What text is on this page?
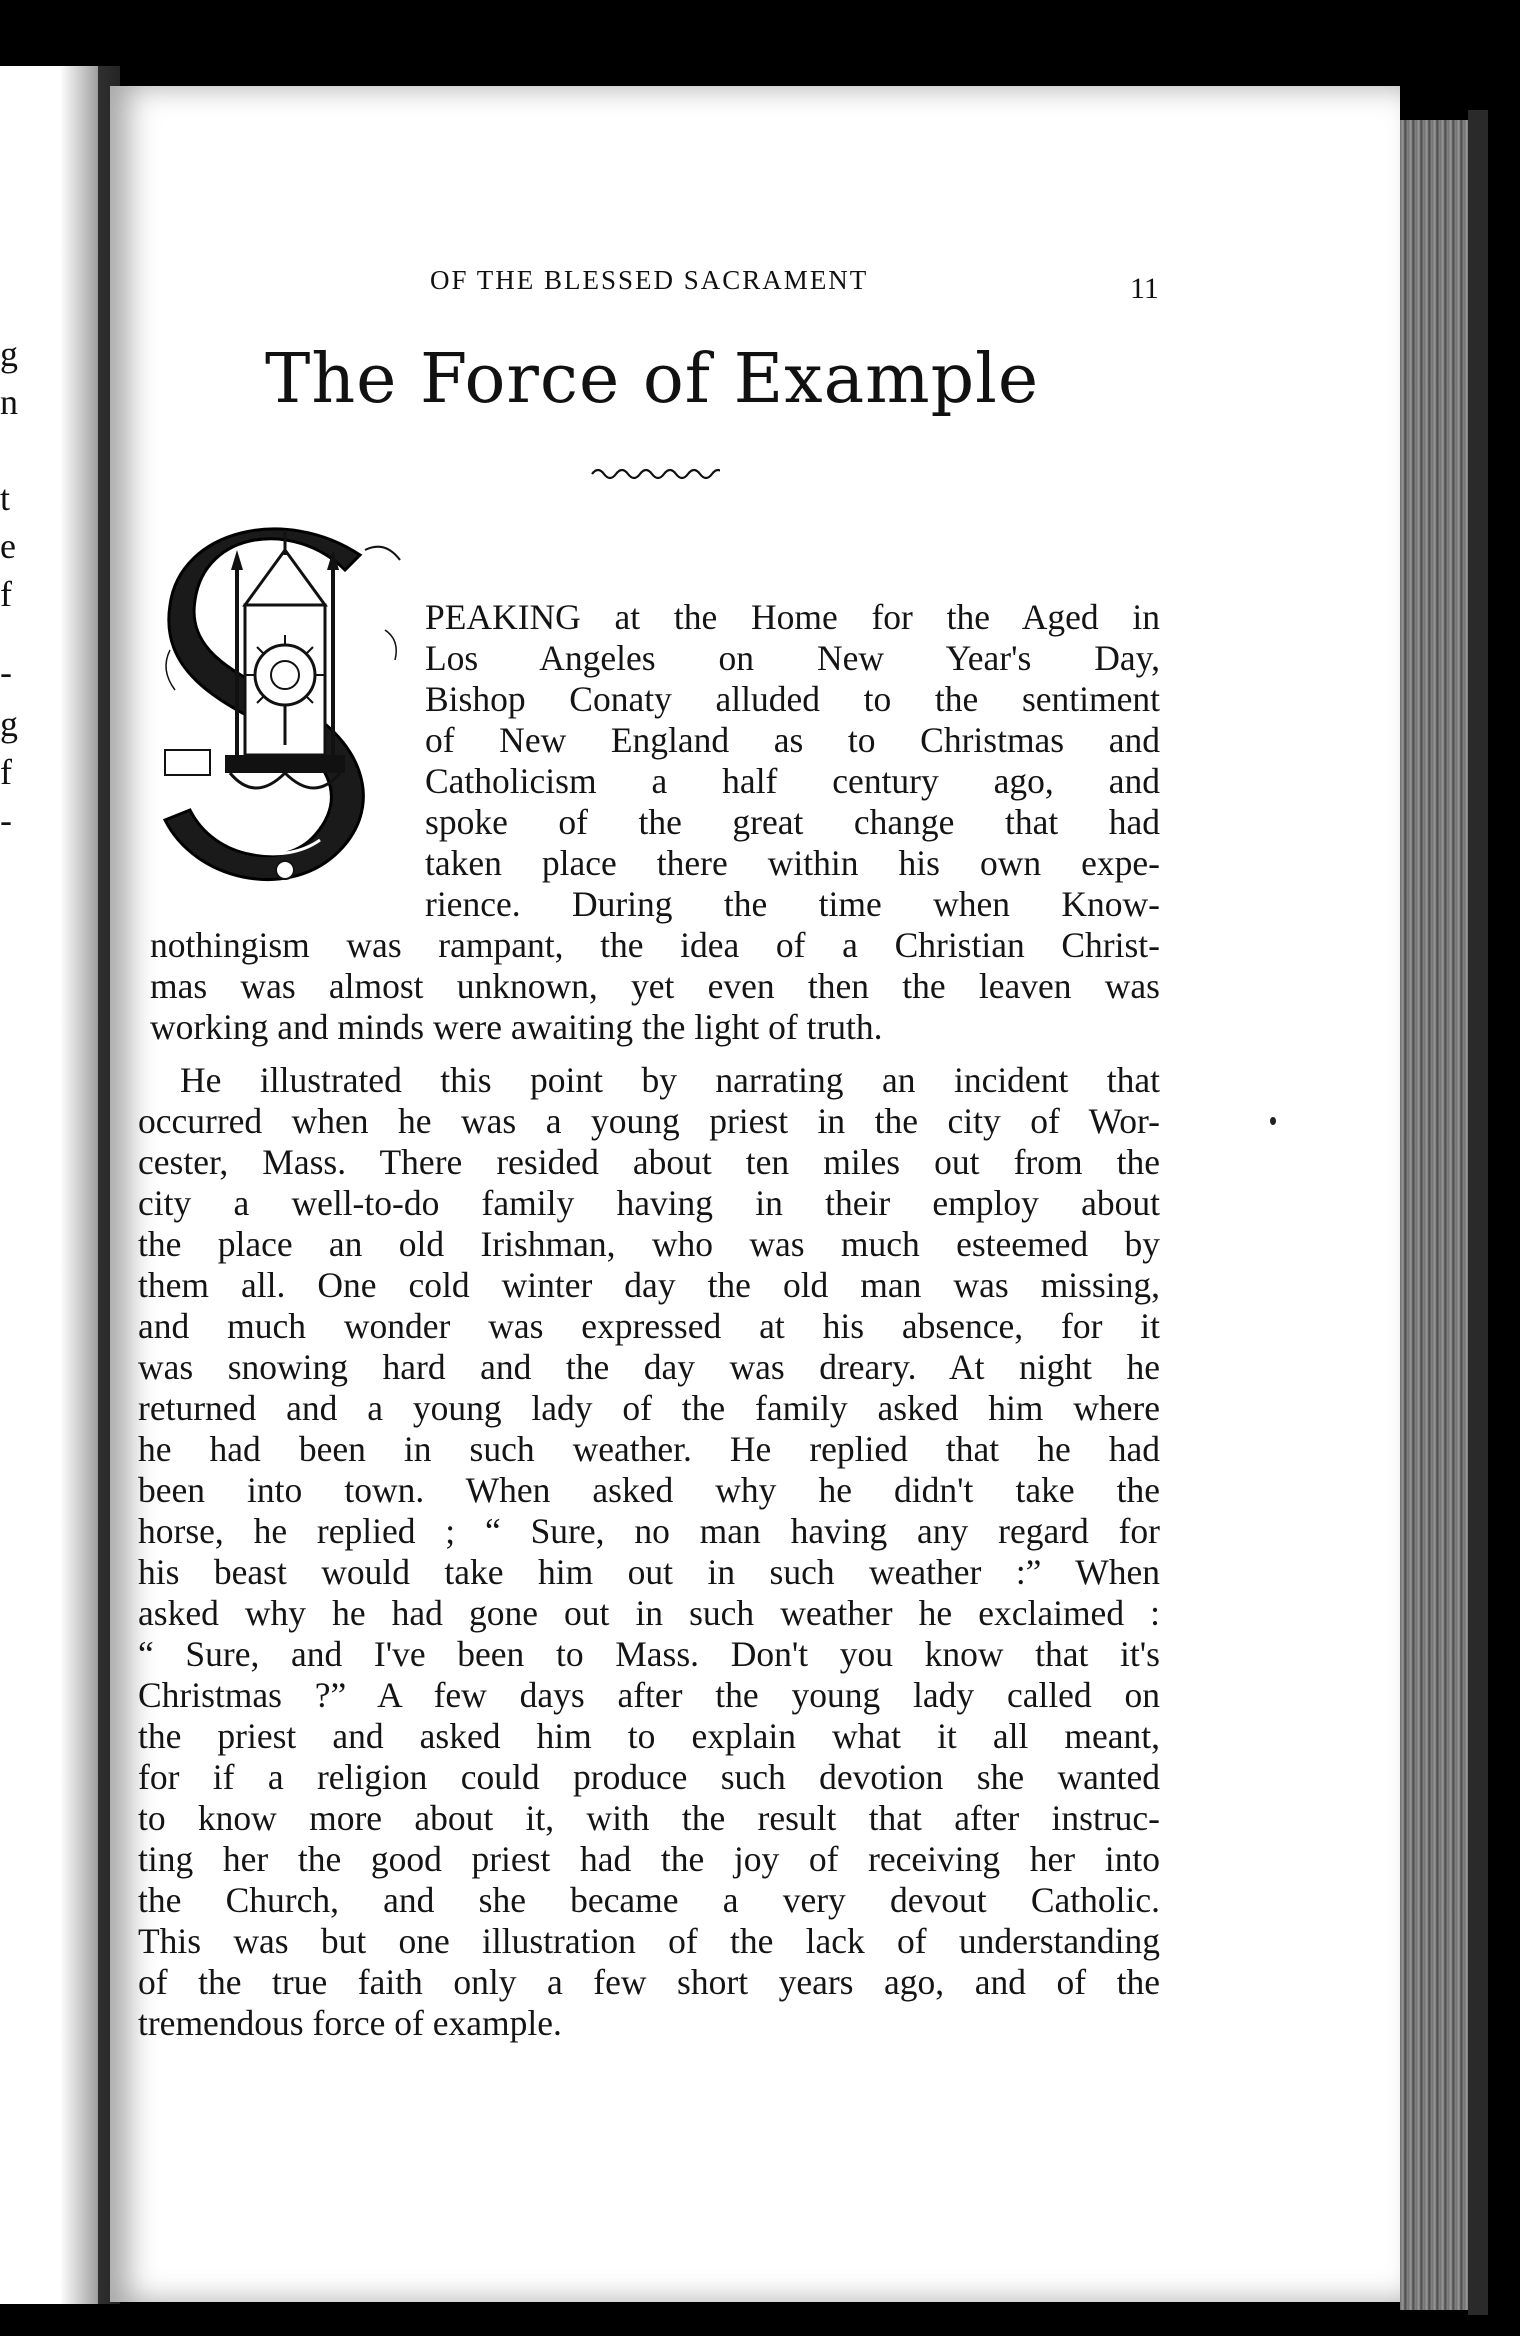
g
n
t
e
f
-
g
f
-
OF THE BLESSED SACRAMENT	11
The Force of Example
PEAKING at the Home for the Aged in
Los Angeles on New Year's Day,
Bishop Conaty alluded to the sentiment
of New England as to Christmas and
Catholicism a half century ago, and
spoke of the great change that had
taken place there within his own expe-
rience. During the time when Know-
nothingism was rampant, the idea of a Christian Christ-
mas was almost unknown, yet even then the leaven was
working and minds were awaiting the light of truth.
He illustrated this point by narrating an incident that
occurred when he was a young priest in the city of Wor-
cester, Mass. There resided about ten miles out from the
city a well-to-do family having in their employ about
the place an old Irishman, who was much esteemed by
them all. One cold winter day the old man was missing,
and much wonder was expressed at his absence, for it
was snowing hard and the day was dreary. At night he
returned and a young lady of the family asked him where
he had been in such weather. He replied that he had
been into town. When asked why he didn't take the
horse, he replied ; “ Sure, no man having any regard for
his beast would take him out in such weather :” When
asked why he had gone out in such weather he exclaimed :
“ Sure, and I've been to Mass. Don't you know that it's
Christmas ?” A few days after the young lady called on
the priest and asked him to explain what it all meant,
for if a religion could produce such devotion she wanted
to know more about it, with the result that after instruc-
ting her the good priest had the joy of receiving her into
the Church, and she became a very devout Catholic.
This was but one illustration of the lack of understanding
of the true faith only a few short years ago, and of the
tremendous force of example.
